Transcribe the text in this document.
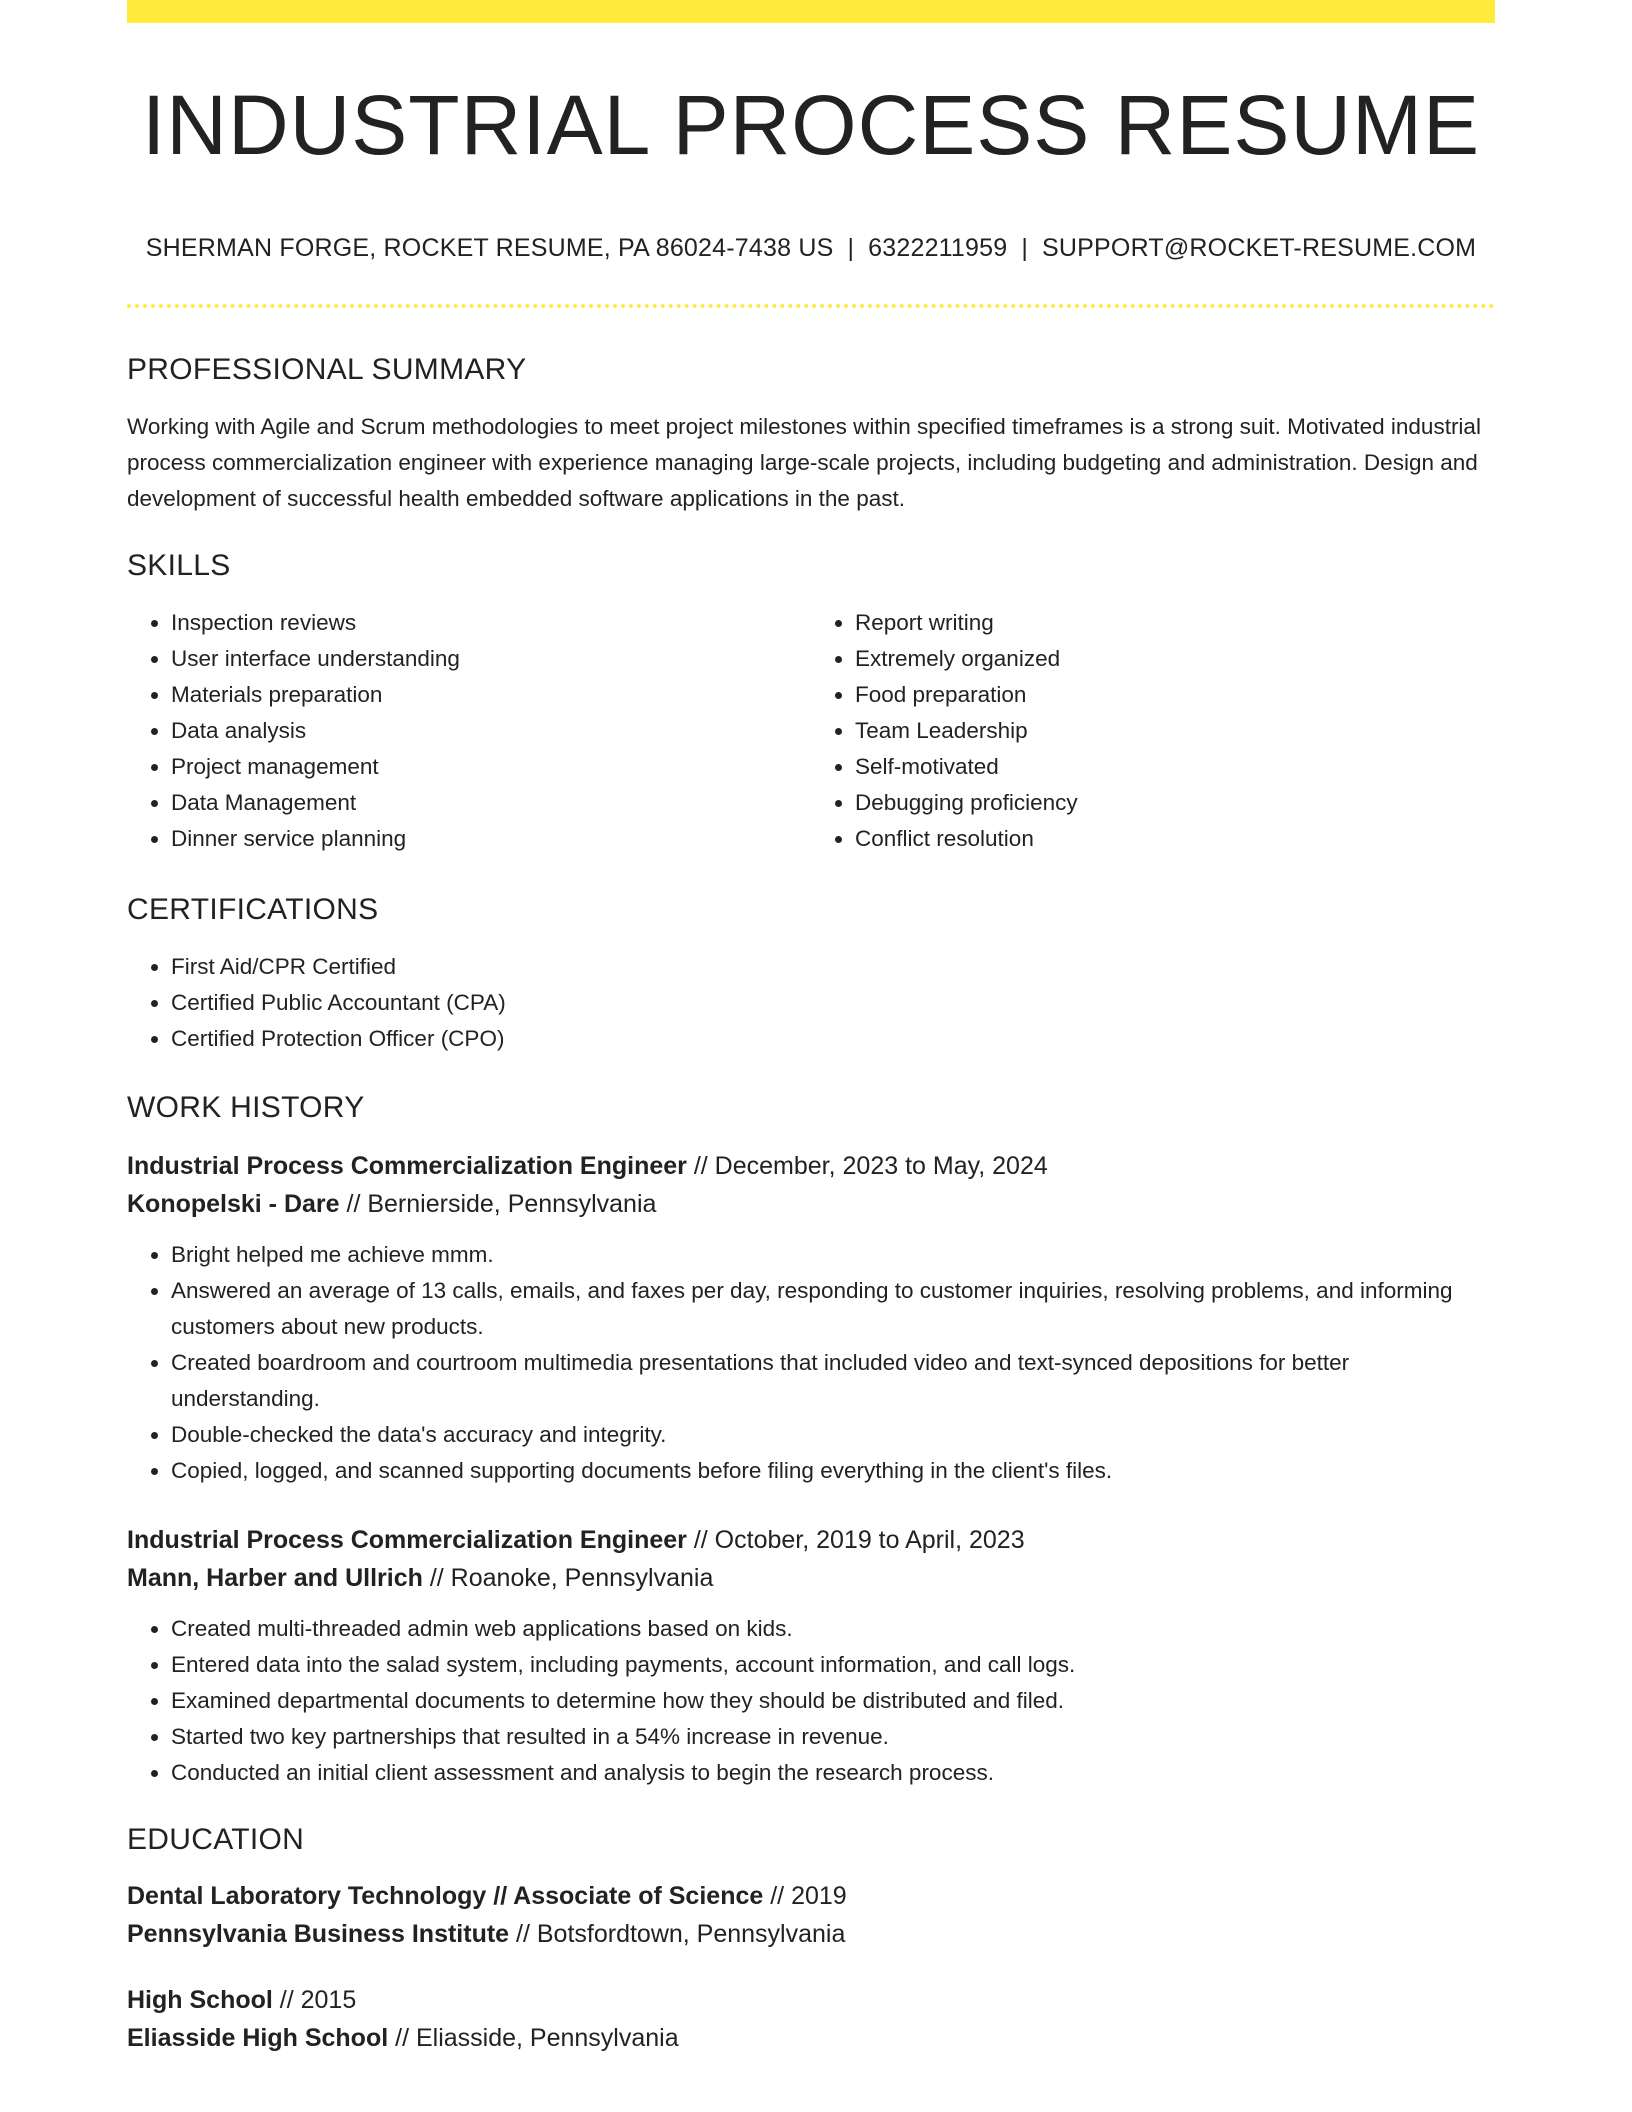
INDUSTRIAL PROCESS RESUME
SHERMAN FORGE, ROCKET RESUME, PA 86024-7438 US | 6322211959 | SUPPORT@ROCKET-RESUME.COM
PROFESSIONAL SUMMARY
Working with Agile and Scrum methodologies to meet project milestones within specified timeframes is a strong suit. Motivated industrial process commercialization engineer with experience managing large-scale projects, including budgeting and administration. Design and development of successful health embedded software applications in the past.
SKILLS
• Inspection reviews
• User interface understanding
• Materials preparation
• Data analysis
• Project management
• Data Management
• Dinner service planning
• Report writing
• Extremely organized
• Food preparation
• Team Leadership
• Self-motivated
• Debugging proficiency
• Conflict resolution
CERTIFICATIONS
• First Aid/CPR Certified
• Certified Public Accountant (CPA)
• Certified Protection Officer (CPO)
WORK HISTORY
Industrial Process Commercialization Engineer // December, 2023 to May, 2024
Konopelski - Dare // Bernierside, Pennsylvania
• Bright helped me achieve mmm.
• Answered an average of 13 calls, emails, and faxes per day, responding to customer inquiries, resolving problems, and informing customers about new products.
• Created boardroom and courtroom multimedia presentations that included video and text-synced depositions for better understanding.
• Double-checked the data's accuracy and integrity.
• Copied, logged, and scanned supporting documents before filing everything in the client's files.
Industrial Process Commercialization Engineer // October, 2019 to April, 2023
Mann, Harber and Ullrich // Roanoke, Pennsylvania
• Created multi-threaded admin web applications based on kids.
• Entered data into the salad system, including payments, account information, and call logs.
• Examined departmental documents to determine how they should be distributed and filed.
• Started two key partnerships that resulted in a 54% increase in revenue.
• Conducted an initial client assessment and analysis to begin the research process.
EDUCATION
Dental Laboratory Technology // Associate of Science // 2019
Pennsylvania Business Institute // Botsfordtown, Pennsylvania
High School // 2015
Eliasside High School // Eliasside, Pennsylvania
